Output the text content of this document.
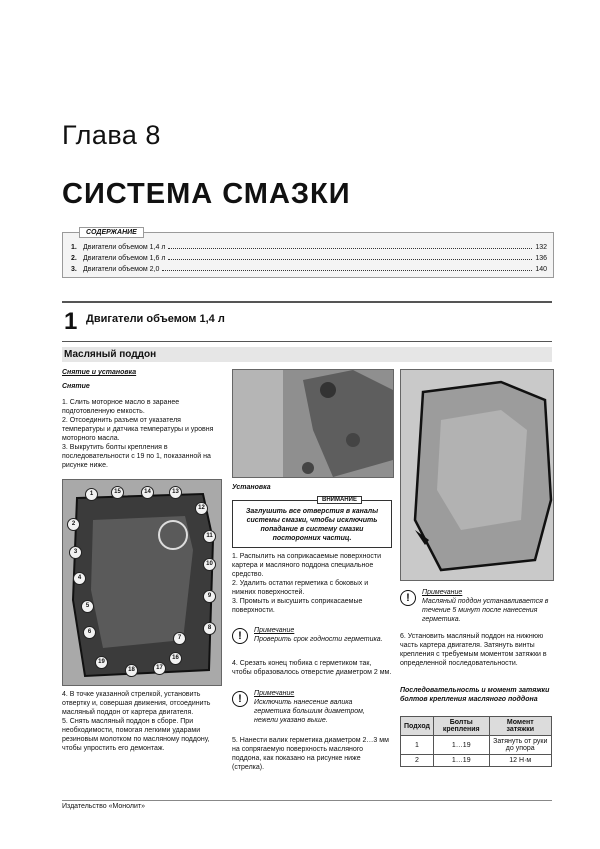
Глава 8
СИСТЕМА СМАЗКИ
СОДЕРЖАНИЕ
1. Двигатели объемом 1,4 л	132
2. Двигатели объемом 1,6 л	136
3. Двигатели объемом 2,0	140
1 Двигатели объемом 1,4 л
Масляный поддон
Снятие и установка
Снятие
1. Слить моторное масло в заранее подготовленную емкость.
2. Отсоединить разъем от указателя температуры и датчика температуры и уровня моторного масла.
3. Выкрутить болты крепления в последовательности с 19 по 1, показанной на рисунке ниже.
1	15	14	13
12
2
3
4
5
6
19
18	17
16
7
8
9
10
11
4. В точке указанной стрелкой, установить отвертку и, совершая движения, отсоединить масляный поддон от картера двигателя.
5. Снять масляный поддон в сборе. При необходимости, помогая легкими ударами резиновым молотком по масляному поддону, чтобы упростить его демонтаж.
Установка
ВНИМАНИЕ
Заглушить все отверстия в каналы системы смазки, чтобы исключить попадание в систему смазки посторонних частиц.
1. Распылить на соприкасаемые поверхности картера и масляного поддона специальное средство.
2. Удалить остатки герметика с боковых и нижних поверхностей.
3. Промыть и высушить соприкасаемые поверхности.
!	Примечание
Проверить срок годности герметика.
4. Срезать конец тюбика с герметиком так, чтобы образовалось отверстие диаметром 2 мм.
!	Примечание
Исключить нанесение валика герметика большим диаметром, нежели указано выше.
5. Нанести валик герметика диаметром 2…3 мм на сопрягаемую поверхность масляного поддона, как показано на рисунке ниже (стрелка).
!	Примечание
Масляный поддон устанавливается в течение 5 минут после нанесения герметика.
6. Установить масляный поддон на нижнюю часть картера двигателя. Затянуть винты крепления с требуемым моментом затяжки в определенной последовательности.
Последовательность и момент затяжки болтов крепления масляного поддона
Подход	Болты крепления	Момент затяжки
1	1…19	Затянуть от руки до упора
2	1…19	12 Н·м
Издательство «Монолит»
